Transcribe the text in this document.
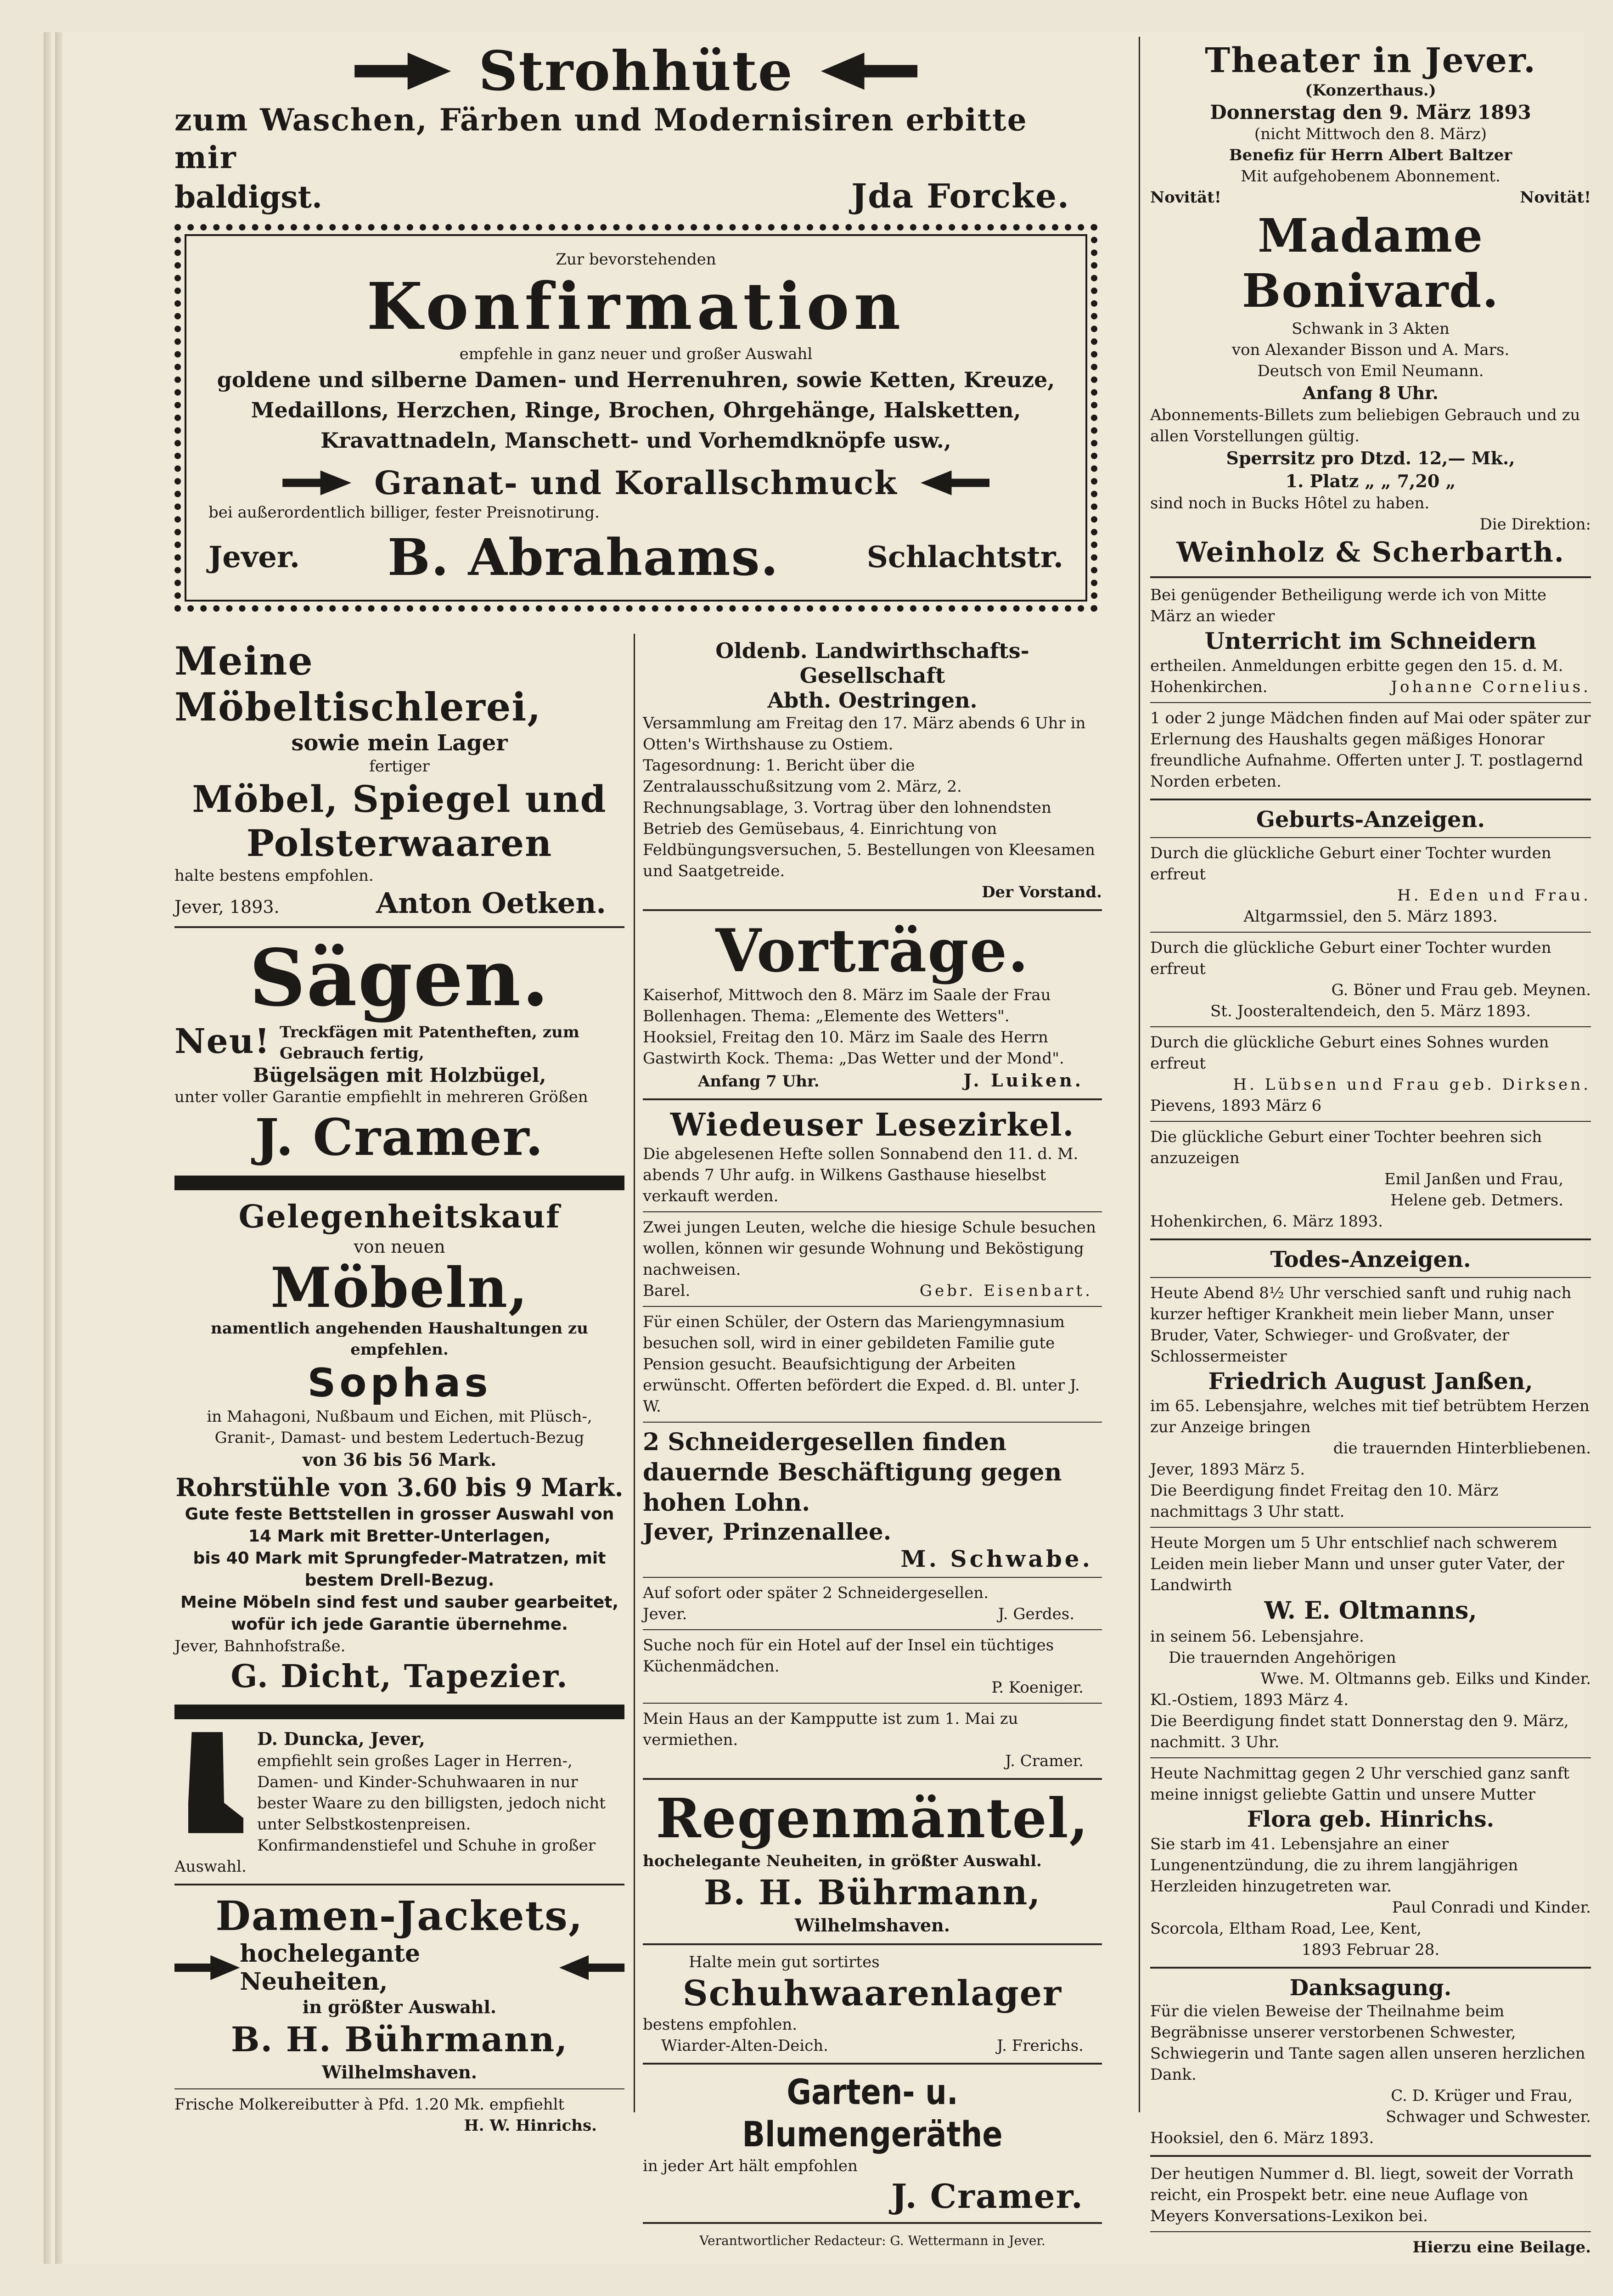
Strohhüte
zum Waschen, Färben und Modernisiren erbitte mir
baldigst.	Jda Forcke.
Zur bevorstehenden
Konfirmation
empfehle in ganz neuer und großer Auswahl
goldene und silberne Damen- und Herrenuhren, sowie Ketten, Kreuze, Medaillons, Herzchen, Ringe, Brochen, Ohrgehänge, Halsketten, Kravattnadeln, Manschett- und Vorhemdknöpfe usw.,
Granat- und Korallschmuck
bei außerordentlich billiger, fester Preisnotirung.
Jever. B. Abrahams.	Schlachtstr.
Meine Möbeltischlerei,
sowie mein Lager
fertiger
Möbel, Spiegel und
Polsterwaaren
halte bestens empfohlen.
Jever, 1893.	Anton Oetken.
Sägen.
Neu! Treckfägen mit Patentheften, zum Gebrauch fertig,
Bügelsägen mit Holzbügel,
unter voller Garantie empfiehlt in mehreren Größen
J. Cramer.
Gelegenheitskauf
von neuen
Möbeln,
namentlich angehenden Haushaltungen zu empfehlen.
Sophas
in Mahagoni, Nußbaum und Eichen, mit Plüsch-, Granit-, Damast- und bestem Ledertuch-Bezug
von 36 bis 56 Mark.
Rohrstühle von 3.60 bis 9 Mark.
Gute feste Bettstellen in grosser Auswahl von 14 Mark mit Bretter-Unterlagen,
bis 40 Mark mit Sprungfeder-Matratzen, mit bestem Drell-Bezug.
Meine Möbeln sind fest und sauber gearbeitet, wofür ich jede Garantie übernehme.
Jever, Bahnhofstraße.
G. Dicht, Tapezier.
D. Duncka, Jever,
empfiehlt sein großes Lager in Herren-, Damen- und Kinder-Schuhwaaren in nur bester Waare zu den billigsten, jedoch nicht unter Selbstkostenpreisen. Konfirmandenstiefel und Schuhe in großer Auswahl.
Damen-Jackets,
hochelegante Neuheiten,
in größter Auswahl.
B. H. Bührmann,
Wilhelmshaven.
Frische Molkereibutter à Pfd. 1.20 Mk. empfiehlt
H. W. Hinrichs.
Oldenb. Landwirthschafts-Gesellschaft
Abth. Oestringen.
Versammlung am Freitag den 17. März abends 6 Uhr in Otten's Wirthshause zu Ostiem.
Tagesordnung: 1. Bericht über die Zentralausschußsitzung vom 2. März, 2. Rechnungsablage, 3. Vortrag über den lohnendsten Betrieb des Gemüsebaus, 4. Einrichtung von Feldbüngungsversuchen, 5. Bestellungen von Kleesamen und Saatgetreide.
Der Vorstand.
Vorträge.
Kaiserhof, Mittwoch den 8. März im Saale der Frau Bollenhagen. Thema: „Elemente des Wetters".
Hooksiel, Freitag den 10. März im Saale des Herrn Gastwirth Kock. Thema: „Das Wetter und der Mond".
Anfang 7 Uhr.	J. Luiken.
Wiedeuser Lesezirkel.
Die abgelesenen Hefte sollen Sonnabend den 11. d. M. abends 7 Uhr aufg. in Wilkens Gasthause hieselbst verkauft werden.
Zwei jungen Leuten, welche die hiesige Schule besuchen wollen, können wir gesunde Wohnung und Beköstigung nachweisen.
Barel.	Gebr. Eisenbart.
Für einen Schüler, der Ostern das Mariengymnasium besuchen soll, wird in einer gebildeten Familie gute Pension gesucht. Beaufsichtigung der Arbeiten erwünscht. Offerten befördert die Exped. d. Bl. unter J. W.
2 Schneidergesellen finden dauernde Beschäftigung gegen hohen Lohn.
Jever, Prinzenallee.
M. Schwabe.
Auf sofort oder später 2 Schneidergesellen.
Jever.	J. Gerdes.
Suche noch für ein Hotel auf der Insel ein tüchtiges Küchenmädchen.
P. Koeniger.
Mein Haus an der Kampputte ist zum 1. Mai zu vermiethen.
J. Cramer.
Regenmäntel,
hochelegante Neuheiten, in größter Auswahl.
B. H. Bührmann,
Wilhelmshaven.
Halte mein gut sortirtes
Schuhwaarenlager
bestens empfohlen.
Wiarder-Alten-Deich.	J. Frerichs.
Garten- u. Blumengeräthe
in jeder Art hält empfohlen
J. Cramer.
Verantwortlicher Redacteur: G. Wettermann in Jever.
Theater in Jever.
(Konzerthaus.)
Donnerstag den 9. März 1893
(nicht Mittwoch den 8. März)
Benefiz für Herrn Albert Baltzer
Mit aufgehobenem Abonnement.
Novität!	Novität!
Madame Bonivard.
Schwank in 3 Akten
von Alexander Bisson und A. Mars.
Deutsch von Emil Neumann.
Anfang 8 Uhr.
Abonnements-Billets zum beliebigen Gebrauch und zu allen Vorstellungen gültig.
Sperrsitz pro Dtzd. 12,— Mk.,
1. Platz „ „ 7,20 „
sind noch in Bucks Hôtel zu haben.
Die Direktion:
Weinholz & Scherbarth.
Bei genügender Betheiligung werde ich von Mitte März an wieder
Unterricht im Schneidern
ertheilen. Anmeldungen erbitte gegen den 15. d. M.
Hohenkirchen.	Johanne Cornelius.
1 oder 2 junge Mädchen finden auf Mai oder später zur Erlernung des Haushalts gegen mäßiges Honorar freundliche Aufnahme. Offerten unter J. T. postlagernd Norden erbeten.
Geburts-Anzeigen.
Durch die glückliche Geburt einer Tochter wurden erfreut
H. Eden und Frau.
Altgarmssiel, den 5. März 1893.
Durch die glückliche Geburt einer Tochter wurden erfreut
G. Böner und Frau geb. Meynen.
St. Joosteraltendeich, den 5. März 1893.
Durch die glückliche Geburt eines Sohnes wurden erfreut
H. Lübsen und Frau geb. Dirksen.
Pievens, 1893 März 6
Die glückliche Geburt einer Tochter beehren sich anzuzeigen
Emil Janßen und Frau,
Helene geb. Detmers.
Hohenkirchen, 6. März 1893.
Todes-Anzeigen.
Heute Abend 8½ Uhr verschied sanft und ruhig nach kurzer heftiger Krankheit mein lieber Mann, unser Bruder, Vater, Schwieger- und Großvater, der Schlossermeister
Friedrich August Janßen,
im 65. Lebensjahre, welches mit tief betrübtem Herzen zur Anzeige bringen
die trauernden Hinterbliebenen.
Jever, 1893 März 5.
Die Beerdigung findet Freitag den 10. März nachmittags 3 Uhr statt.
Heute Morgen um 5 Uhr entschlief nach schwerem Leiden mein lieber Mann und unser guter Vater, der Landwirth
W. E. Oltmanns,
in seinem 56. Lebensjahre.
Die trauernden Angehörigen
Wwe. M. Oltmanns geb. Eilks und Kinder.
Kl.-Ostiem, 1893 März 4.
Die Beerdigung findet statt Donnerstag den 9. März, nachmitt. 3 Uhr.
Heute Nachmittag gegen 2 Uhr verschied ganz sanft meine innigst geliebte Gattin und unsere Mutter
Flora geb. Hinrichs.
Sie starb im 41. Lebensjahre an einer Lungenentzündung, die zu ihrem langjährigen Herzleiden hinzugetreten war.
Paul Conradi und Kinder.
Scorcola, Eltham Road, Lee, Kent,
1893 Februar 28.
Danksagung.
Für die vielen Beweise der Theilnahme beim Begräbnisse unserer verstorbenen Schwester, Schwiegerin und Tante sagen allen unseren herzlichen Dank.
C. D. Krüger und Frau,
Schwager und Schwester.
Hooksiel, den 6. März 1893.
Der heutigen Nummer d. Bl. liegt, soweit der Vorrath reicht, ein Prospekt betr. eine neue Auflage von Meyers Konversations-Lexikon bei.
Hierzu eine Beilage.
